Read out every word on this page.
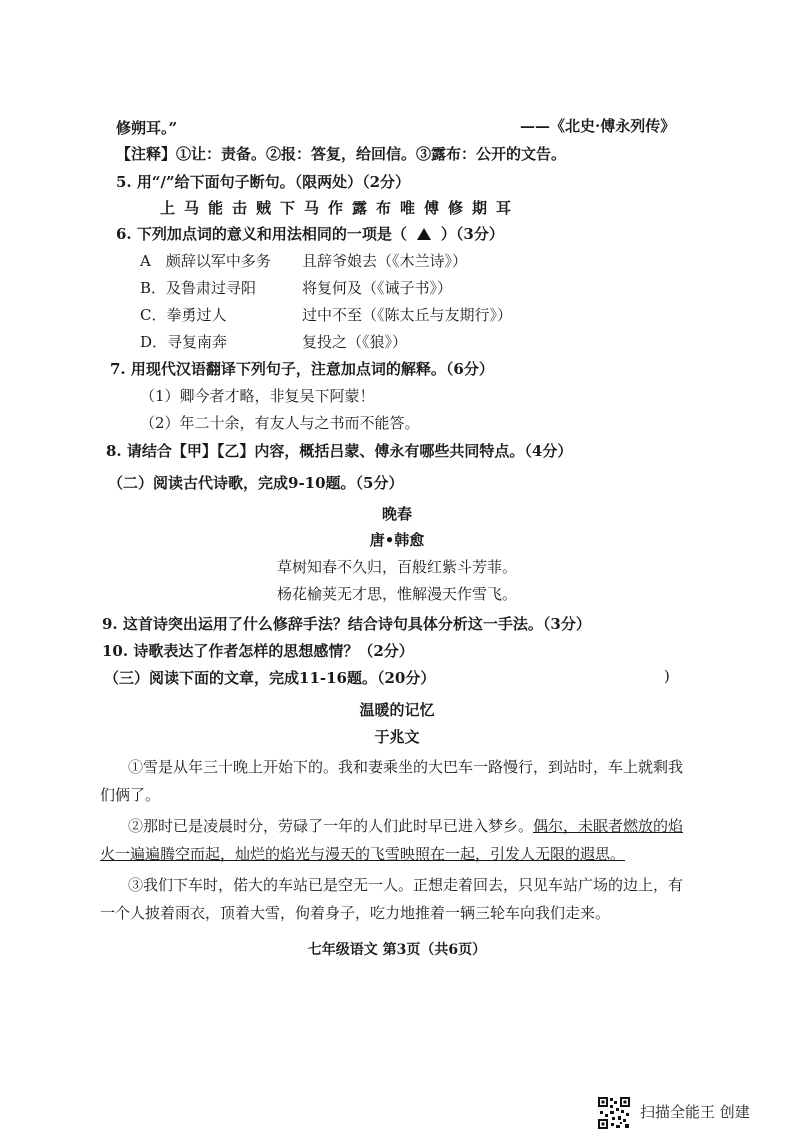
修朔耳。”	——《北史·傅永列传》
【注释】①让：责备。②报：答复，给回信。③露布：公开的文告。
5. 用“/”给下面句子断句。（限两处）（2分）
上马能击贼下马作露布唯傅修期耳
6. 下列加点词的意义和用法相同的一项是（ ）（3分）
A　颇辞以军中多务 且辞爷娘去（《木兰诗》）
B．及鲁肃过寻阳	将复何及（《诫子书》）
C．拳勇过人	过中不至（《陈太丘与友期行》）
D．寻复南奔	复投之（《狼》）
7. 用现代汉语翻译下列句子，注意加点词的解释。（6分）
（1）卿今者才略，非复吴下阿蒙！
（2）年二十余，有友人与之书而不能答。
8. 请结合【甲】【乙】内容，概括吕蒙、傅永有哪些共同特点。（4分）
（二）阅读古代诗歌，完成9-10题。（5分）
晚春
唐•韩愈
草树知春不久归，百般红紫斗芳菲。
杨花榆荚无才思，惟解漫天作雪飞。
9. 这首诗突出运用了什么修辞手法？结合诗句具体分析这一手法。（3分）
10. 诗歌表达了作者怎样的思想感情？（2分）
)
（三）阅读下面的文章，完成11-16题。（20分）
温暖的记忆
于兆文
①雪是从年三十晚上开始下的。我和妻乘坐的大巴车一路慢行，到站时，车上就剩我
们俩了。
②那时已是凌晨时分，劳碌了一年的人们此时早已进入梦乡。偶尔，未眠者燃放的焰
火一遍遍腾空而起，灿烂的焰光与漫天的飞雪映照在一起，引发人无限的遐思。
③我们下车时，偌大的车站已是空无一人。正想走着回去，只见车站广场的边上，有
一个人披着雨衣，顶着大雪，佝着身子，吃力地推着一辆三轮车向我们走来。
七年级语文 第3页（共6页）
扫描全能王 创建
